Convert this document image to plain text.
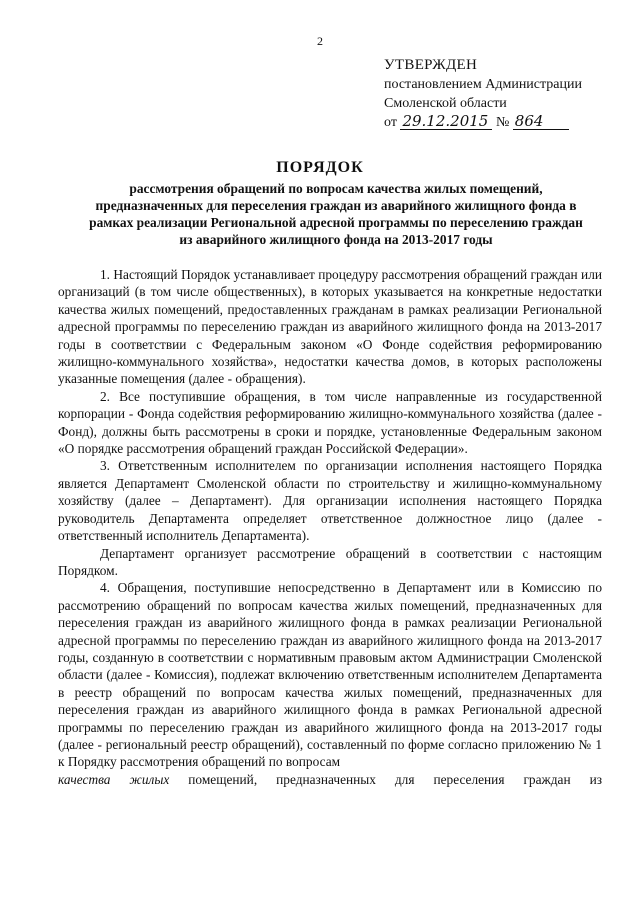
2
УТВЕРЖДЕН
постановлением Администрации
Смоленской области
от 29.12.2015 № 864
ПОРЯДОК
рассмотрения обращений по вопросам качества жилых помещений, предназначенных для переселения граждан из аварийного жилищного фонда в рамках реализации Региональной адресной программы по переселению граждан из аварийного жилищного фонда на 2013-2017 годы

1. Настоящий Порядок устанавливает процедуру рассмотрения обращений граждан или организаций (в том числе общественных), в которых указывается на конкретные недостатки качества жилых помещений, предоставленных гражданам в рамках реализации Региональной адресной программы по переселению граждан из аварийного жилищного фонда на 2013-2017 годы в соответствии с Федеральным законом «О Фонде содействия реформированию жилищно-коммунального хозяйства», недостатки качества домов, в которых расположены указанные помещения (далее - обращения).

2. Все поступившие обращения, в том числе направленные из государственной корпорации - Фонда содействия реформированию жилищно-коммунального хозяйства (далее - Фонд), должны быть рассмотрены в сроки и порядке, установленные Федеральным законом «О порядке рассмотрения обращений граждан Российской Федерации».

3. Ответственным исполнителем по организации исполнения настоящего Порядка является Департамент Смоленской области по строительству и жилищно-коммунальному хозяйству (далее – Департамент). Для организации исполнения настоящего Порядка руководитель Департамента определяет ответственное должностное лицо (далее - ответственный исполнитель Департамента).

Департамент организует рассмотрение обращений в соответствии с настоящим Порядком.

4. Обращения, поступившие непосредственно в Департамент или в Комиссию по рассмотрению обращений по вопросам качества жилых помещений, предназначенных для переселения граждан из аварийного жилищного фонда в рамках реализации Региональной адресной программы по переселению граждан из аварийного жилищного фонда на 2013-2017 годы, созданную в соответствии с нормативным правовым актом Администрации Смоленской области (далее - Комиссия), подлежат включению ответственным исполнителем Департамента в реестр обращений по вопросам качества жилых помещений, предназначенных для переселения граждан из аварийного жилищного фонда в рамках Региональной адресной программы по переселению граждан из аварийного жилищного фонда на 2013-2017 годы (далее - региональный реестр обращений), составленный по форме согласно приложению № 1 к Порядку рассмотрения обращений по вопросам

качества жилых помещений, предназначенных для переселения граждан из
